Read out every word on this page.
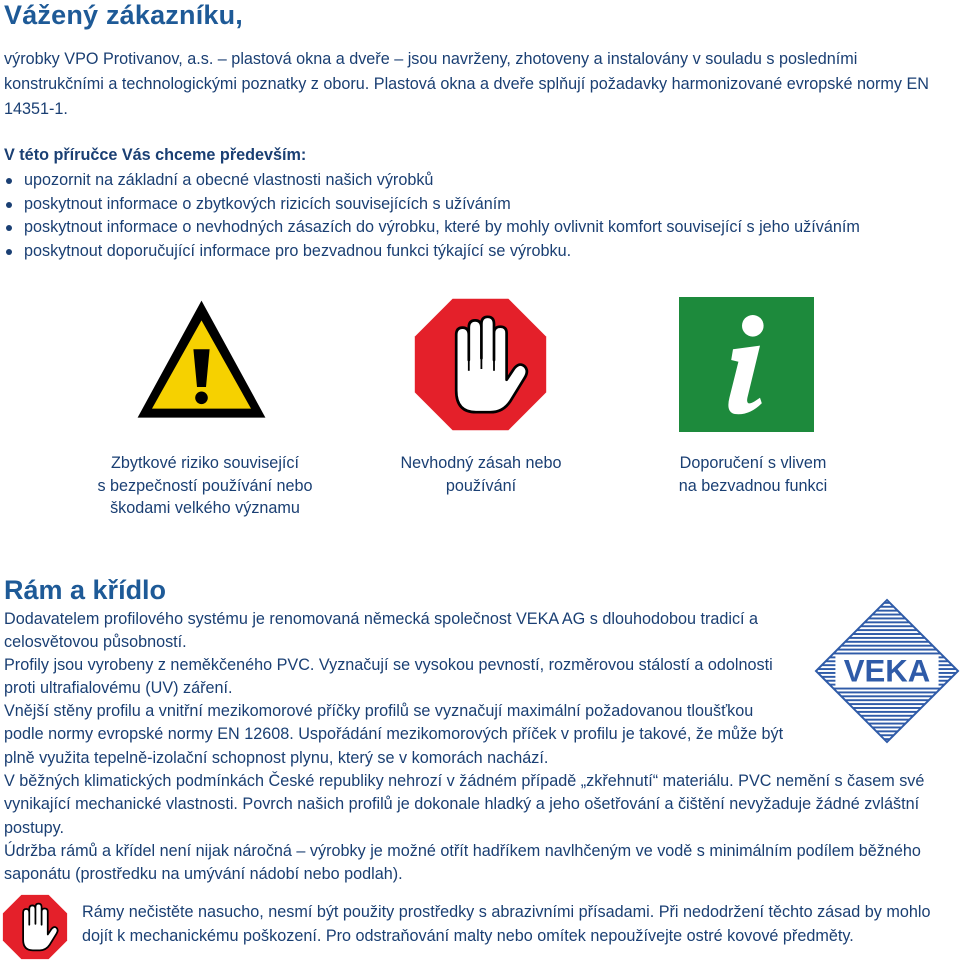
Vážený zákazníku,
výrobky VPO Protivanov, a.s. – plastová okna a dveře – jsou navrženy, zhotoveny a instalovány v souladu s posledními konstrukčními a technologickými poznatky z oboru. Plastová okna a dveře splňují požadavky harmonizované evropské normy EN 14351-1.
V této příručce Vás chceme především:
upozornit na základní a obecné vlastnosti našich výrobků
poskytnout informace o zbytkových rizicích souvisejících s užíváním
poskytnout informace o nevhodných zásazích do výrobku, které by mohly ovlivnit komfort související s jeho užíváním
poskytnout doporučující informace pro bezvadnou funkci týkající se výrobku.
Zbytkové riziko související
s bezpečností používání nebo
škodami velkého významu
Nevhodný zásah nebo
používání
Doporučení s vlivem
na bezvadnou funkci
Rám a křídlo
Dodavatelem profilového systému je renomovaná německá společnost VEKA AG s dlouhodobou tradicí a celosvětovou působností.
Profily jsou vyrobeny z neměkčeného PVC. Vyznačují se vysokou pevností, rozměrovou stálostí a odolnosti proti ultrafialovému (UV) záření.
Vnější stěny profilu a vnitřní mezikomorové příčky profilů se vyznačují maximální požadovanou tloušťkou podle normy evropské normy EN 12608. Uspořádání mezikomorových příček v profilu je takové, že může být plně využita tepelně-izolační schopnost plynu, který se v komorách nachází.
V běžných klimatických podmínkách České republiky nehrozí v žádném případě „zkřehnutí“ materiálu. PVC nemění s časem své vynikající mechanické vlastnosti. Povrch našich profilů je dokonale hladký a jeho ošetřování a čištění nevyžaduje žádné zvláštní postupy.
Údržba rámů a křídel není nijak náročná – výrobky je možné otřít hadříkem navlhčeným ve vodě s minimálním podílem běžného saponátu (prostředku na umývání nádobí nebo podlah).
VEKA
Rámy nečistěte nasucho, nesmí být použity prostředky s abrazivními přísadami. Při nedodržení těchto zásad by mohlo dojít k mechanickému poškození. Pro odstraňování malty nebo omítek nepoužívejte ostré kovové předměty.
